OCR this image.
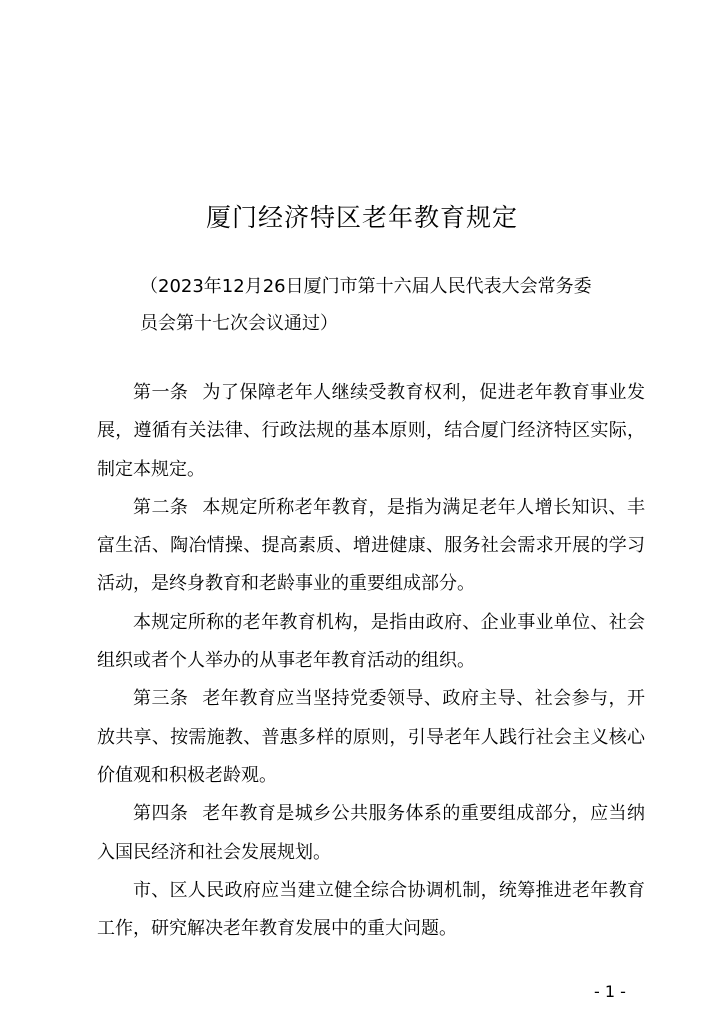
厦门经济特区老年教育规定
（2023年12月26日厦门市第十六届人民代表大会常务委
员会第十七次会议通过）

第一条 为了保障老年人继续受教育权利，促进老年教育事业发展，遵循有关法律、行政法规的基本原则，结合厦门经济特区实际，制定本规定。

第二条 本规定所称老年教育，是指为满足老年人增长知识、丰富生活、陶冶情操、提高素质、增进健康、服务社会需求开展的学习活动，是终身教育和老龄事业的重要组成部分。

本规定所称的老年教育机构，是指由政府、企业事业单位、社会组织或者个人举办的从事老年教育活动的组织。

第三条 老年教育应当坚持党委领导、政府主导、社会参与，开放共享、按需施教、普惠多样的原则，引导老年人践行社会主义核心价值观和积极老龄观。

第四条 老年教育是城乡公共服务体系的重要组成部分，应当纳入国民经济和社会发展规划。

市、区人民政府应当建立健全综合协调机制，统筹推进老年教育工作，研究解决老年教育发展中的重大问题。

- 1 -
